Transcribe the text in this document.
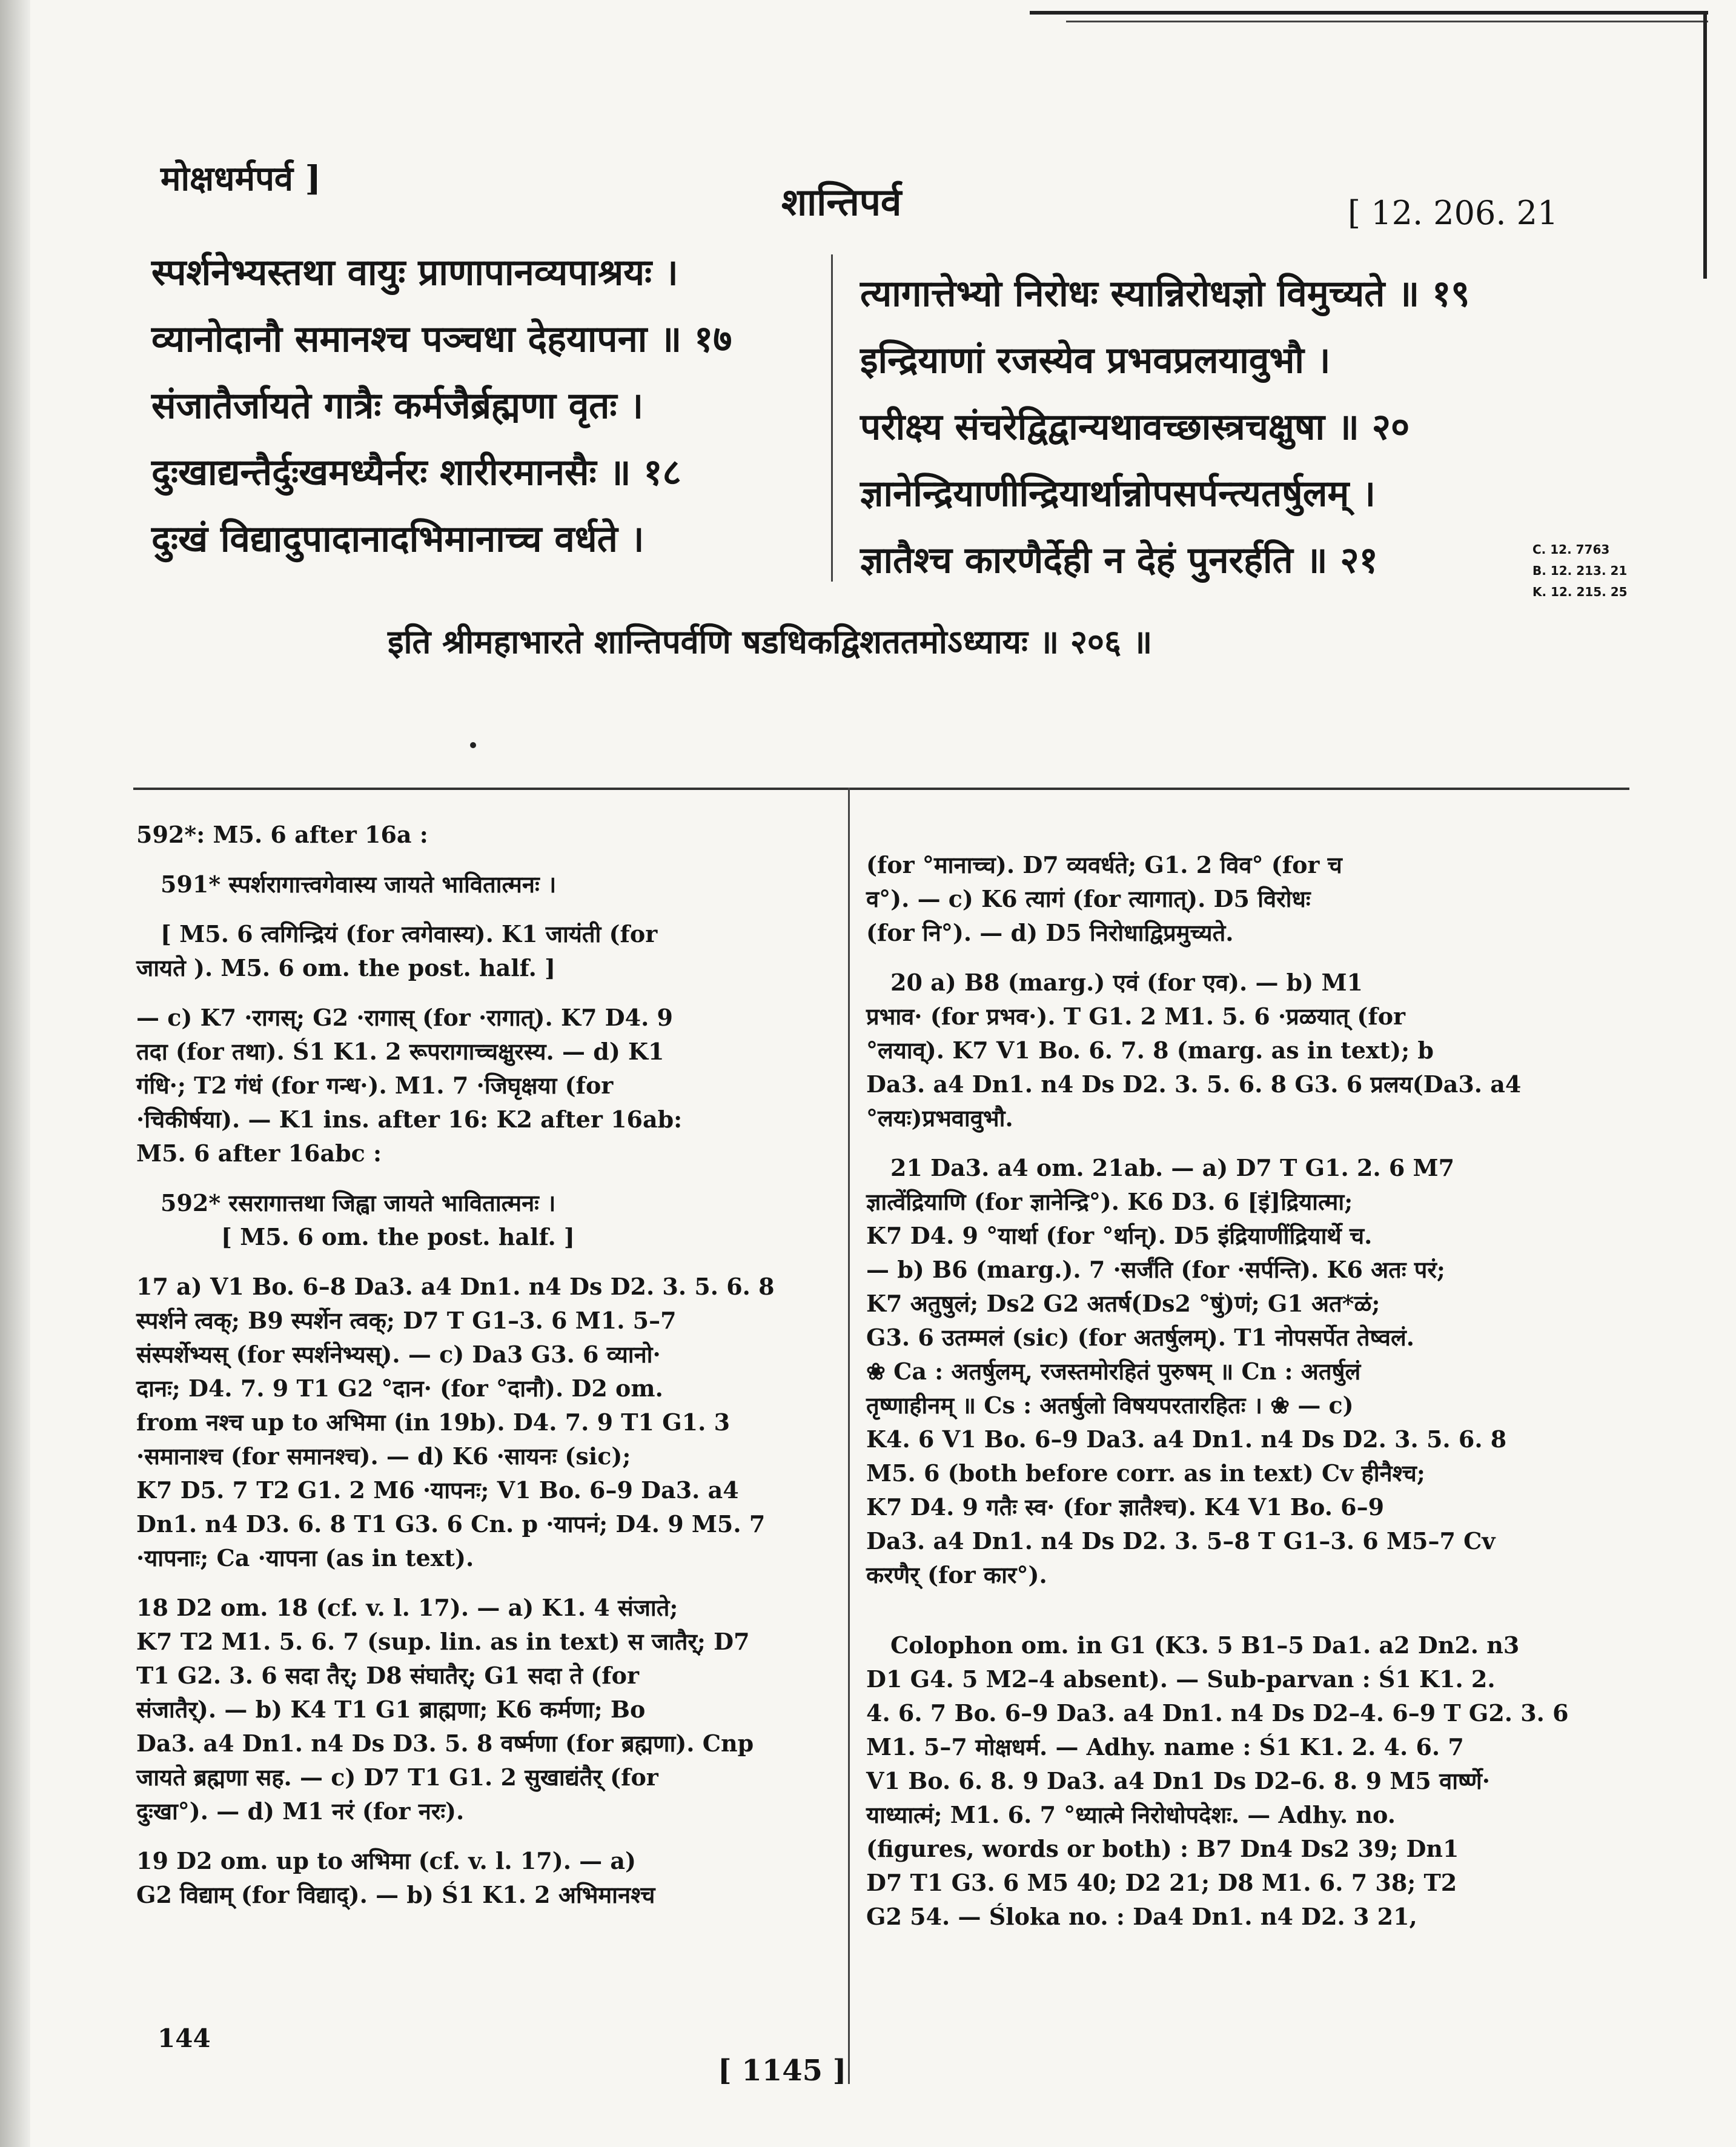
मोक्षधर्मपर्व ]
शान्तिपर्व	[ 12. 206. 21
स्पर्शनेभ्यस्तथा वायुः प्राणापानव्यपाश्रयः ।
व्यानोदानौ समानश्च पञ्चधा देहयापना ॥ १७
संजातैर्जायते गात्रैः कर्मजैर्ब्रह्मणा वृतः ।
दुःखाद्यन्तैर्दुःखमध्यैर्नरः शारीरमानसैः ॥ १८
दुःखं विद्यादुपादानादभिमानाच्च वर्धते ।
त्यागात्तेभ्यो निरोधः स्यान्निरोधज्ञो विमुच्यते ॥ १९
इन्द्रियाणां रजस्येव प्रभवप्रलयावुभौ ।
परीक्ष्य संचरेद्विद्वान्यथावच्छास्त्रचक्षुषा ॥ २०
ज्ञानेन्द्रियाणीन्द्रियार्थान्नोपसर्पन्त्यतर्षुलम् ।
ज्ञातैश्च कारणैर्देही न देहं पुनरर्हति ॥ २१	C. 12. 7763
B. 12. 213. 21
K. 12. 215. 25
इति श्रीमहाभारते शान्तिपर्वणि षडधिकद्विशततमोऽध्यायः ॥ २०६ ॥

592*: M5. 6 after 16a :

591* स्पर्शरागात्त्वगेवास्य जायते भावितात्मनः ।

[ M5. 6 त्वगिन्द्रियं (for त्वगेवास्य). K1 जायंती (for

जायते ). M5. 6 om. the post. half. ]

— c) K7 ·रागस्; G2 ·रागास् (for ·रागात्). K7 D4. 9

तदा (for तथा). Ś1 K1. 2 रूपरागाच्चक्षुरस्य. — d) K1

गंधि·; T2 गंधं (for गन्ध·). M1. 7 ·जिघृक्षया (for

·चिकीर्षया). — K1 ins. after 16: K2 after 16ab:

M5. 6 after 16abc :

592* रसरागात्तथा जिह्वा जायते भावितात्मनः ।

[ M5. 6 om. the post. half. ]

17 a) V1 Bo. 6–8 Da3. a4 Dn1. n4 Ds D2. 3. 5. 6. 8

स्पर्शने त्वक्; B9 स्पर्शेन त्वक्; D7 T G1–3. 6 M1. 5–7

संस्पर्शेभ्यस् (for स्पर्शनेभ्यस्). — c) Da3 G3. 6 व्यानो·

दानः; D4. 7. 9 T1 G2 °दान· (for °दानौ). D2 om.

from नश्च up to अभिमा (in 19b). D4. 7. 9 T1 G1. 3

·समानाश्च (for समानश्च). — d) K6 ·सायनः (sic);

K7 D5. 7 T2 G1. 2 M6 ·यापनः; V1 Bo. 6–9 Da3. a4

Dn1. n4 D3. 6. 8 T1 G3. 6 Cn. p ·यापनं; D4. 9 M5. 7

·यापनाः; Ca ·यापना (as in text).

18 D2 om. 18 (cf. v. l. 17). — a) K1. 4 संजाते;

K7 T2 M1. 5. 6. 7 (sup. lin. as in text) स जातैर्; D7

T1 G2. 3. 6 सदा तैर्; D8 संघातैर्; G1 सदा ते (for

संजातैर्). — b) K4 T1 G1 ब्राह्मणा; K6 कर्मणा; Bo

Da3. a4 Dn1. n4 Ds D3. 5. 8 वर्ष्मणा (for ब्रह्मणा). Cnp

जायते ब्रह्मणा सह. — c) D7 T1 G1. 2 सुखाद्यंतैर् (for

दुःखा°). — d) M1 नरं (for नरः).

19 D2 om. up to अभिमा (cf. v. l. 17). — a)

G2 विद्याम् (for विद्याद्). — b) Ś1 K1. 2 अभिमानश्च

(for °मानाच्च). D7 व्यवर्धते; G1. 2 विव° (for च

व°). — c) K6 त्यागं (for त्यागात्). D5 विरोधः

(for नि°). — d) D5 निरोधाद्विप्रमुच्यते.

20 a) B8 (marg.) एवं (for एव). — b) M1

प्रभाव· (for प्रभव·). T G1. 2 M1. 5. 6 ·प्रळयात् (for

°लयाव्). K7 V1 Bo. 6. 7. 8 (marg. as in text); b

Da3. a4 Dn1. n4 Ds D2. 3. 5. 6. 8 G3. 6 प्रलय(Da3. a4

°लयः)प्रभवावुभौ.

21 Da3. a4 om. 21ab. — a) D7 T G1. 2. 6 M7

ज्ञात्वेंद्रियाणि (for ज्ञानेन्द्रि°). K6 D3. 6 [इं]द्रियात्मा;

K7 D4. 9 °यार्था (for °र्थान्). D5 इंद्रियाणींद्रियार्थे च.

— b) B6 (marg.). 7 ·सर्जंति (for ·सर्पन्ति). K6 अतः परं;

K7 अतुषुलं; Ds2 G2 अतर्ष(Ds2 °षुं)णं; G1 अत*ळं;

G3. 6 उतम्मलं (sic) (for अतर्षुलम्). T1 नोपसर्पेत तेष्वलं.

❀ Ca : अतर्षुलम्, रजस्तमोरहितं पुरुषम् ॥ Cn : अतर्षुलं

तृष्णाहीनम् ॥ Cs : अतर्षुलो विषयपरतारहितः । ❀ — c)

K4. 6 V1 Bo. 6–9 Da3. a4 Dn1. n4 Ds D2. 3. 5. 6. 8

M5. 6 (both before corr. as in text) Cv हीनैश्च;

K7 D4. 9 गतैः स्व· (for ज्ञातैश्च). K4 V1 Bo. 6–9

Da3. a4 Dn1. n4 Ds D2. 3. 5–8 T G1–3. 6 M5–7 Cv

करणैर् (for कार°).

Colophon om. in G1 (K3. 5 B1–5 Da1. a2 Dn2. n3

D1 G4. 5 M2–4 absent). — Sub-parvan : Ś1 K1. 2.

4. 6. 7 Bo. 6–9 Da3. a4 Dn1. n4 Ds D2–4. 6–9 T G2. 3. 6

M1. 5–7 मोक्षधर्म. — Adhy. name : Ś1 K1. 2. 4. 6. 7

V1 Bo. 6. 8. 9 Da3. a4 Dn1 Ds D2–6. 8. 9 M5 वार्ष्णे·

याध्यात्मं; M1. 6. 7 °ध्यात्मे निरोधोपदेशः. — Adhy. no.

(figures, words or both) : B7 Dn4 Ds2 39; Dn1

D7 T1 G3. 6 M5 40; D2 21; D8 M1. 6. 7 38; T2

G2 54. — Śloka no. : Da4 Dn1. n4 D2. 3 21,

144
[ 1145 ]
